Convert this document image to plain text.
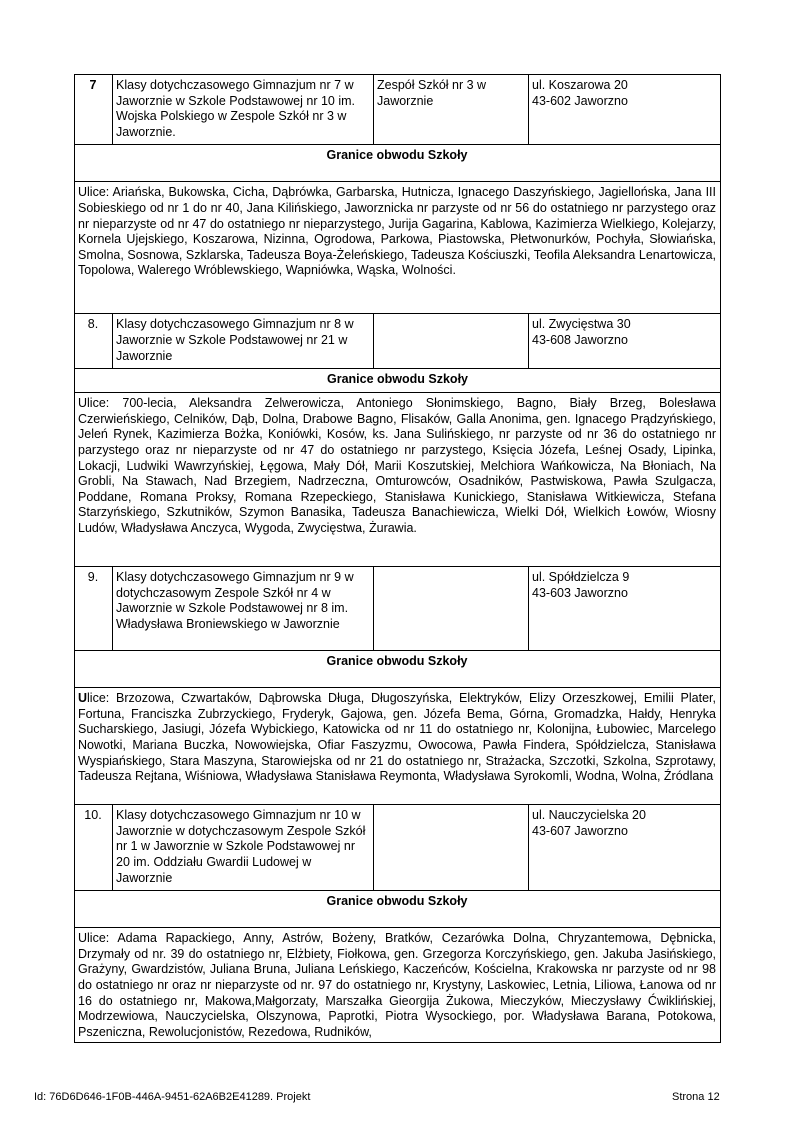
7	Klasy dotychczasowego Gimnazjum nr 7 w Jaworznie w Szkole Podstawowej nr 10 im. Wojska Polskiego w Zespole Szkół nr 3 w Jaworznie.	Zespół Szkół nr 3 w Jaworznie	ul. Koszarowa 20
43-602 Jaworzno

Granice obwodu Szkoły			
Ulice: Ariańska, Bukowska, Cicha, Dąbrówka, Garbarska, Hutnicza, Ignacego Daszyńskiego, Jagiellońska, Jana III Sobieskiego od nr 1 do nr 40, Jana Kilińskiego, Jaworznicka nr parzyste od nr 56 do ostatniego nr parzystego oraz nr nieparzyste od nr 47 do ostatniego nr nieparzystego, Jurija Gagarina, Kablowa, Kazimierza Wielkiego, Kolejarzy, Kornela Ujejskiego, Koszarowa, Nizinna, Ogrodowa, Parkowa, Piastowska, Płetwonurków, Pochyła, Słowiańska, Smolna, Sosnowa, Szklarska, Tadeusza Boya-Żeleńskiego, Tadeusza Kościuszki, Teofila Aleksandra Lenartowicza, Topolowa, Walerego Wróblewskiego, Wapniówka, Wąska, Wolności.			
8.	Klasy dotychczasowego Gimnazjum nr 8 w Jaworznie w Szkole Podstawowej nr 21 w Jaworznie		ul. Zwycięstwa 30
43-608 Jaworzno

Granice obwodu Szkoły			
Ulice: 700-lecia, Aleksandra Zelwerowicza, Antoniego Słonimskiego, Bagno, Biały Brzeg, Bolesława Czerwieńskiego, Celników, Dąb, Dolna, Drabowe Bagno, Flisaków, Galla Anonima, gen. Ignacego Prądzyńskiego, Jeleń Rynek, Kazimierza Bożka, Koniówki, Kosów, ks. Jana Sulińskiego, nr parzyste od nr 36 do ostatniego nr parzystego oraz nr nieparzyste od nr 47 do ostatniego nr parzystego, Księcia Józefa, Leśnej Osady, Lipinka, Lokacji, Ludwiki Wawrzyńskiej, Łęgowa, Mały Dół, Marii Koszutskiej, Melchiora Wańkowicza, Na Błoniach, Na Grobli, Na Stawach, Nad Brzegiem, Nadrzeczna, Omturowców, Osadników, Pastwiskowa, Pawła Szulgacza, Poddane, Romana Proksy, Romana Rzepeckiego, Stanisława Kunickiego, Stanisława Witkiewicza, Stefana Starzyńskiego, Szkutników, Szymon Banasika, Tadeusza Banachiewicza, Wielki Dół, Wielkich Łowów, Wiosny Ludów, Władysława Anczyca, Wygoda, Zwycięstwa, Żurawia.			
9.	Klasy dotychczasowego Gimnazjum nr 9 w dotychczasowym Zespole Szkół nr 4 w Jaworznie w Szkole Podstawowej nr 8 im. Władysława Broniewskiego w Jaworznie		ul. Spółdzielcza 9
43-603 Jaworzno

Granice obwodu Szkoły			
Ulice: Brzozowa, Czwartaków, Dąbrowska Długa, Długoszyńska, Elektryków, Elizy Orzeszkowej, Emilii Plater, Fortuna, Franciszka Zubrzyckiego, Fryderyk, Gajowa, gen. Józefa Bema, Górna, Gromadzka, Hałdy, Henryka Sucharskiego, Jasiugi, Józefa Wybickiego, Katowicka od nr 11 do ostatniego nr, Kolonijna, Łubowiec, Marcelego Nowotki, Mariana Buczka, Nowowiejska, Ofiar Faszyzmu, Owocowa, Pawła Findera, Spółdzielcza, Stanisława Wyspiańskiego, Stara Maszyna, Starowiejska od nr 21 do ostatniego nr, Strażacka, Szczotki, Szkolna, Szprotawy, Tadeusza Rejtana, Wiśniowa, Władysława Stanisława Reymonta, Władysława Syrokomli, Wodna, Wolna, Źródlana			
10.	Klasy dotychczasowego Gimnazjum nr 10 w Jaworznie w dotychczasowym Zespole Szkół nr 1 w Jaworznie w Szkole Podstawowej nr 20 im. Oddziału Gwardii Ludowej w Jaworznie		ul. Nauczycielska 20
43-607 Jaworzno

Granice obwodu Szkoły			
Ulice: Adama Rapackiego, Anny, Astrów, Bożeny, Bratków, Cezarówka Dolna, Chryzantemowa, Dębnicka, Drzymały od nr. 39 do ostatniego nr, Elżbiety, Fiołkowa, gen. Grzegorza Korczyńskiego, gen. Jakuba Jasińskiego, Grażyny, Gwardzistów, Juliana Bruna, Juliana Leńskiego, Kaczeńców, Kościelna, Krakowska nr parzyste od nr 98 do ostatniego nr oraz nr nieparzyste od nr. 97 do ostatniego nr, Krystyny, Laskowiec, Letnia, Liliowa, Łanowa od nr 16 do ostatniego nr, Makowa,Małgorzaty, Marszałka Gieorgija Żukowa, Mieczyków, Mieczysławy Ćwiklińskiej, Modrzewiowa, Nauczycielska, Olszynowa, Paprotki, Piotra Wysockiego, por. Władysława Barana, Potokowa, Pszeniczna, Rewolucjonistów, Rezedowa, Rudników,			
Id: 76D6D646-1F0B-446A-9451-62A6B2E41289. Projekt	Strona 12
